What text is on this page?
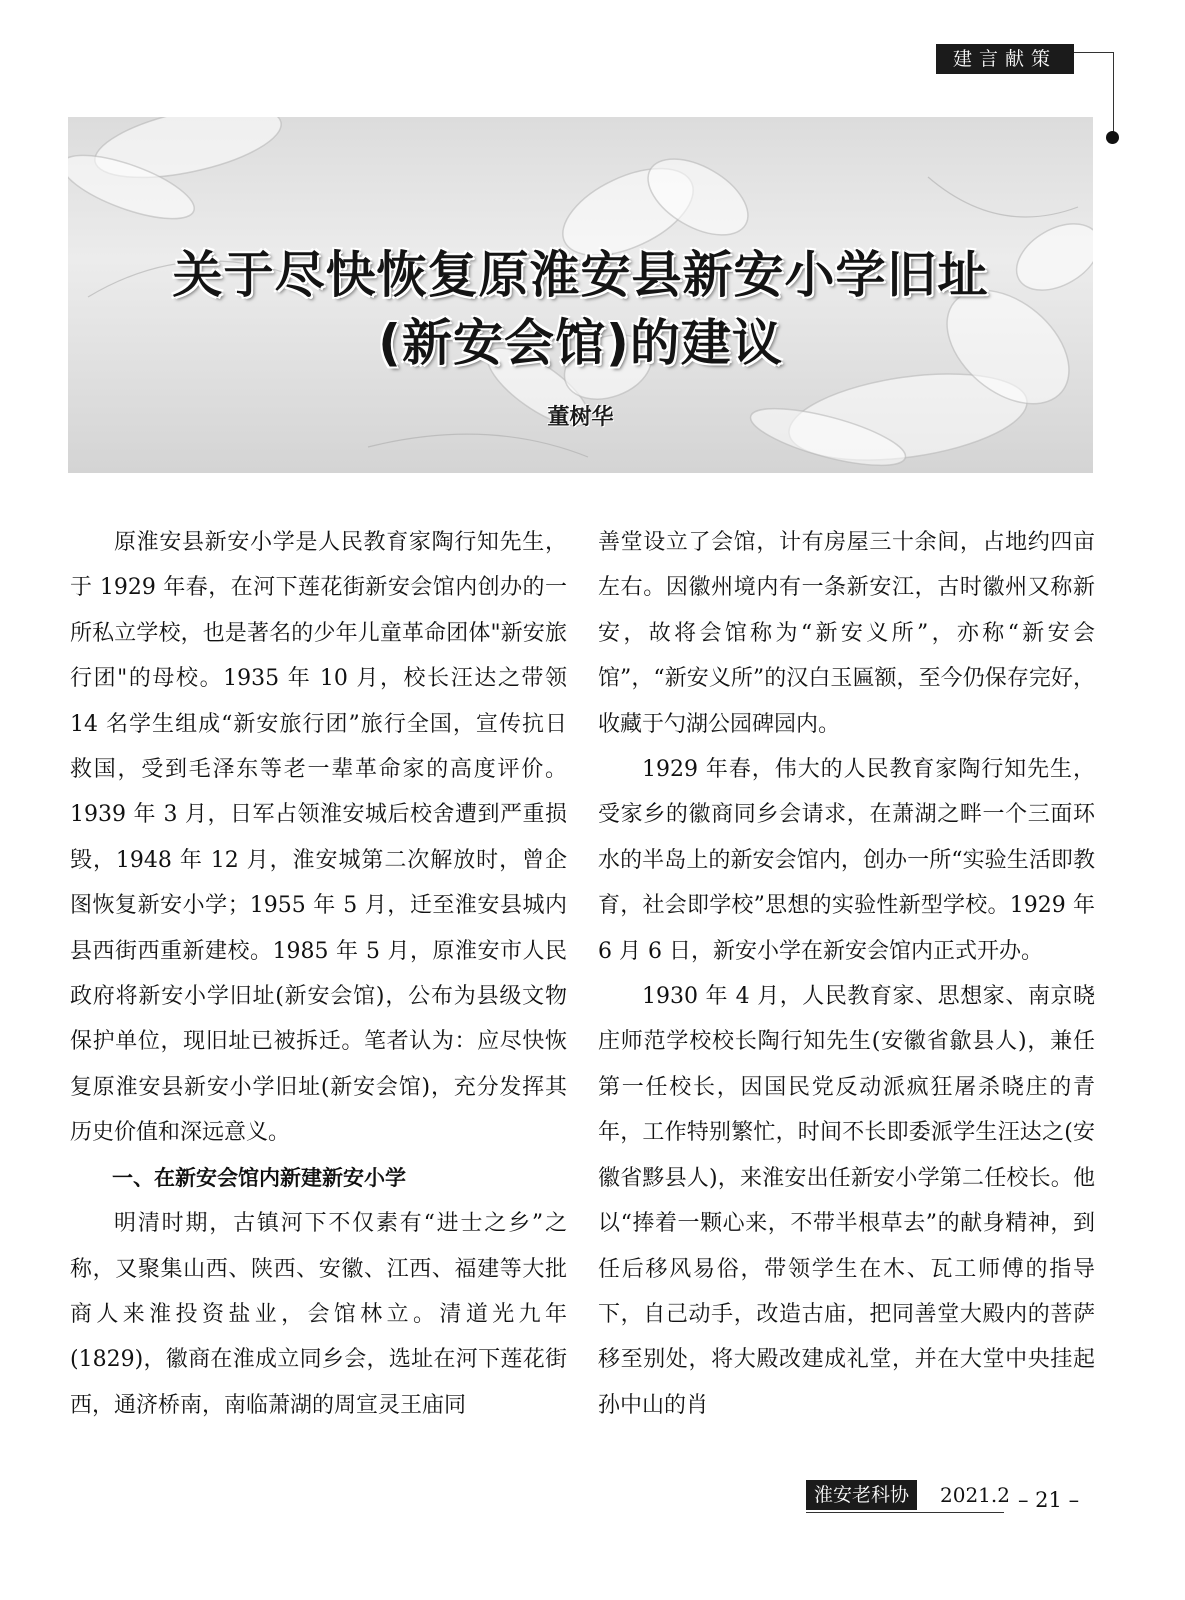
建言献策
关于尽快恢复原淮安县新安小学旧址
(新安会馆)的建议
董树华

原淮安县新安小学是人民教育家陶行知先生，于 1929 年春，在河下莲花街新安会馆内创办的一所私立学校，也是著名的少年儿童革命团体"新安旅行团"的母校。1935 年 10 月，校长汪达之带领 14 名学生组成“新安旅行团”旅行全国，宣传抗日救国，受到毛泽东等老一辈革命家的高度评价。1939 年 3 月，日军占领淮安城后校舍遭到严重损毁，1948 年 12 月，淮安城第二次解放时，曾企图恢复新安小学；1955 年 5 月，迁至淮安县城内县西街西重新建校。1985 年 5 月，原淮安市人民政府将新安小学旧址(新安会馆)，公布为县级文物保护单位，现旧址已被拆迁。笔者认为：应尽快恢复原淮安县新安小学旧址(新安会馆)，充分发挥其历史价值和深远意义。

一、在新安会馆内新建新安小学

明清时期，古镇河下不仅素有“进士之乡”之称，又聚集山西、陕西、安徽、江西、福建等大批商人来淮投资盐业，会馆林立。清道光九年(1829)，徽商在淮成立同乡会，选址在河下莲花街西，通济桥南，南临萧湖的周宣灵王庙同

善堂设立了会馆，计有房屋三十余间，占地约四亩左右。因徽州境内有一条新安江，古时徽州又称新安，故将会馆称为“新安义所”，亦称“新安会馆”，“新安义所”的汉白玉匾额，至今仍保存完好，收藏于勺湖公园碑园内。

1929 年春，伟大的人民教育家陶行知先生，受家乡的徽商同乡会请求，在萧湖之畔一个三面环水的半岛上的新安会馆内，创办一所“实验生活即教育，社会即学校”思想的实验性新型学校。1929 年 6 月 6 日，新安小学在新安会馆内正式开办。

1930 年 4 月，人民教育家、思想家、南京晓庄师范学校校长陶行知先生(安徽省歙县人)，兼任第一任校长，因国民党反动派疯狂屠杀晓庄的青年，工作特别繁忙，时间不长即委派学生汪达之(安徽省黟县人)，来淮安出任新安小学第二任校长。他以“捧着一颗心来，不带半根草去”的献身精神，到任后移风易俗，带领学生在木、瓦工师傅的指导下，自己动手，改造古庙，把同善堂大殿内的菩萨移至别处，将大殿改建成礼堂，并在大堂中央挂起孙中山的肖

淮安老科协	2021.2 – 21 –
